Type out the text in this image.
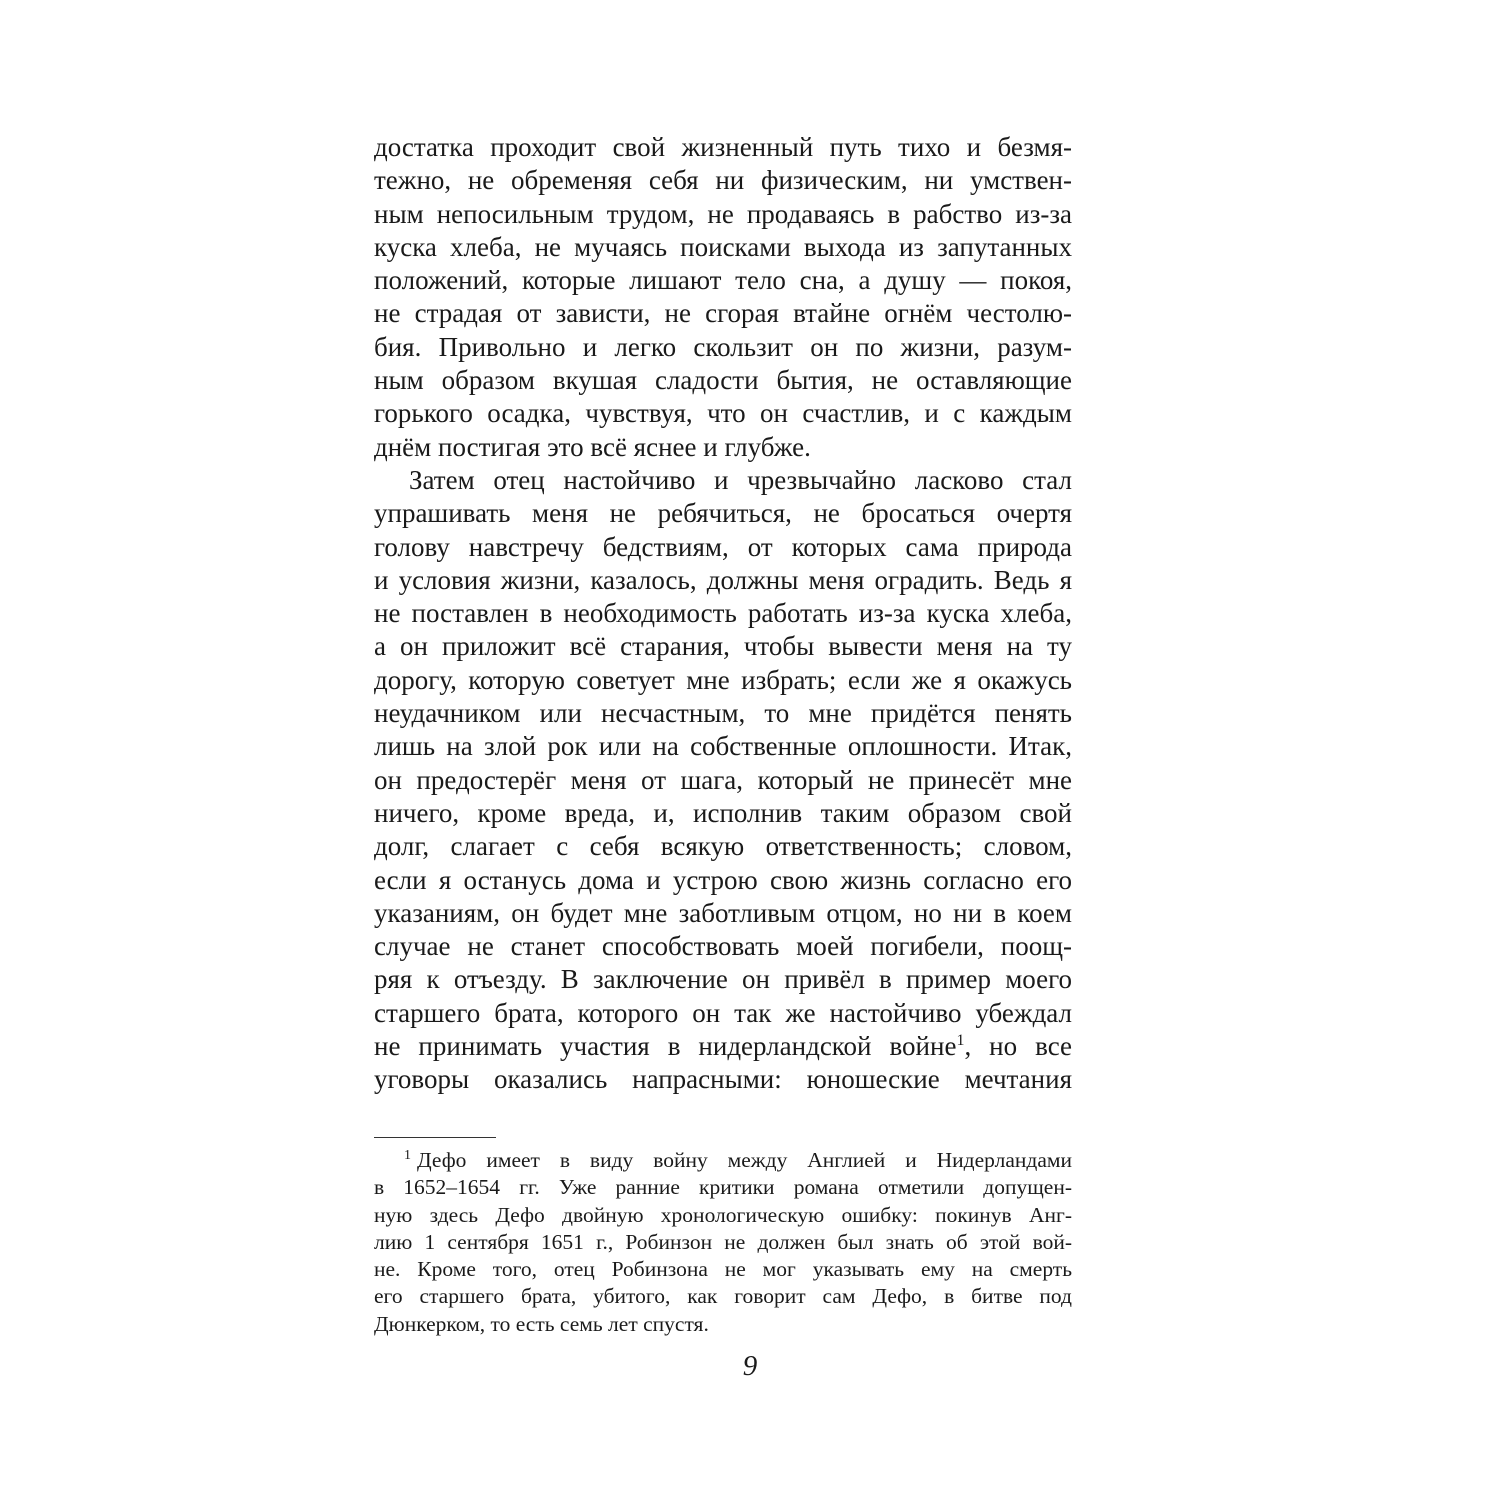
достатка проходит свой жизненный путь тихо и безмя-
тежно, не обременяя себя ни физическим, ни умствен-
ным непосильным трудом, не продаваясь в рабство из-за
куска хлеба, не мучаясь поисками выхода из запутанных
положений, которые лишают тело сна, а душу — покоя,
не страдая от зависти, не сгорая втайне огнём честолю-
бия. Привольно и легко скользит он по жизни, разум-
ным образом вкушая сладости бытия, не оставляющие
горького осадка, чувствуя, что он счастлив, и с каждым
днём постигая это всё яснее и глубже.
Затем отец настойчиво и чрезвычайно ласково стал
упрашивать меня не ребячиться, не бросаться очертя
голову навстречу бедствиям, от которых сама природа
и условия жизни, казалось, должны меня оградить. Ведь я
не поставлен в необходимость работать из-за куска хлеба,
а он приложит всё старания, чтобы вывести меня на ту
дорогу, которую советует мне избрать; если же я окажусь
неудачником или несчастным, то мне придётся пенять
лишь на злой рок или на собственные оплошности. Итак,
он предостерёг меня от шага, который не принесёт мне
ничего, кроме вреда, и, исполнив таким образом свой
долг, слагает с себя всякую ответственность; словом,
если я останусь дома и устрою свою жизнь согласно его
указаниям, он будет мне заботливым отцом, но ни в коем
случае не станет способствовать моей погибели, поощ-
ряя к отъезду. В заключение он привёл в пример моего
старшего брата, которого он так же настойчиво убеждал
не принимать участия в нидерландской войне$^1$, но все
уговоры оказались напрасными: юношеские мечтания
$^1$ Дефо имеет в виду войну между Англией и Нидерландами
в 1652–1654 гг. Уже ранние критики романа отметили допущен-
ную здесь Дефо двойную хронологическую ошибку: покинув Анг-
лию 1 сентября 1651 г., Робинзон не должен был знать об этой вой-
не. Кроме того, отец Робинзона не мог указывать ему на смерть
его старшего брата, убитого, как говорит сам Дефо, в битве под
Дюнкерком, то есть семь лет спустя.
9
